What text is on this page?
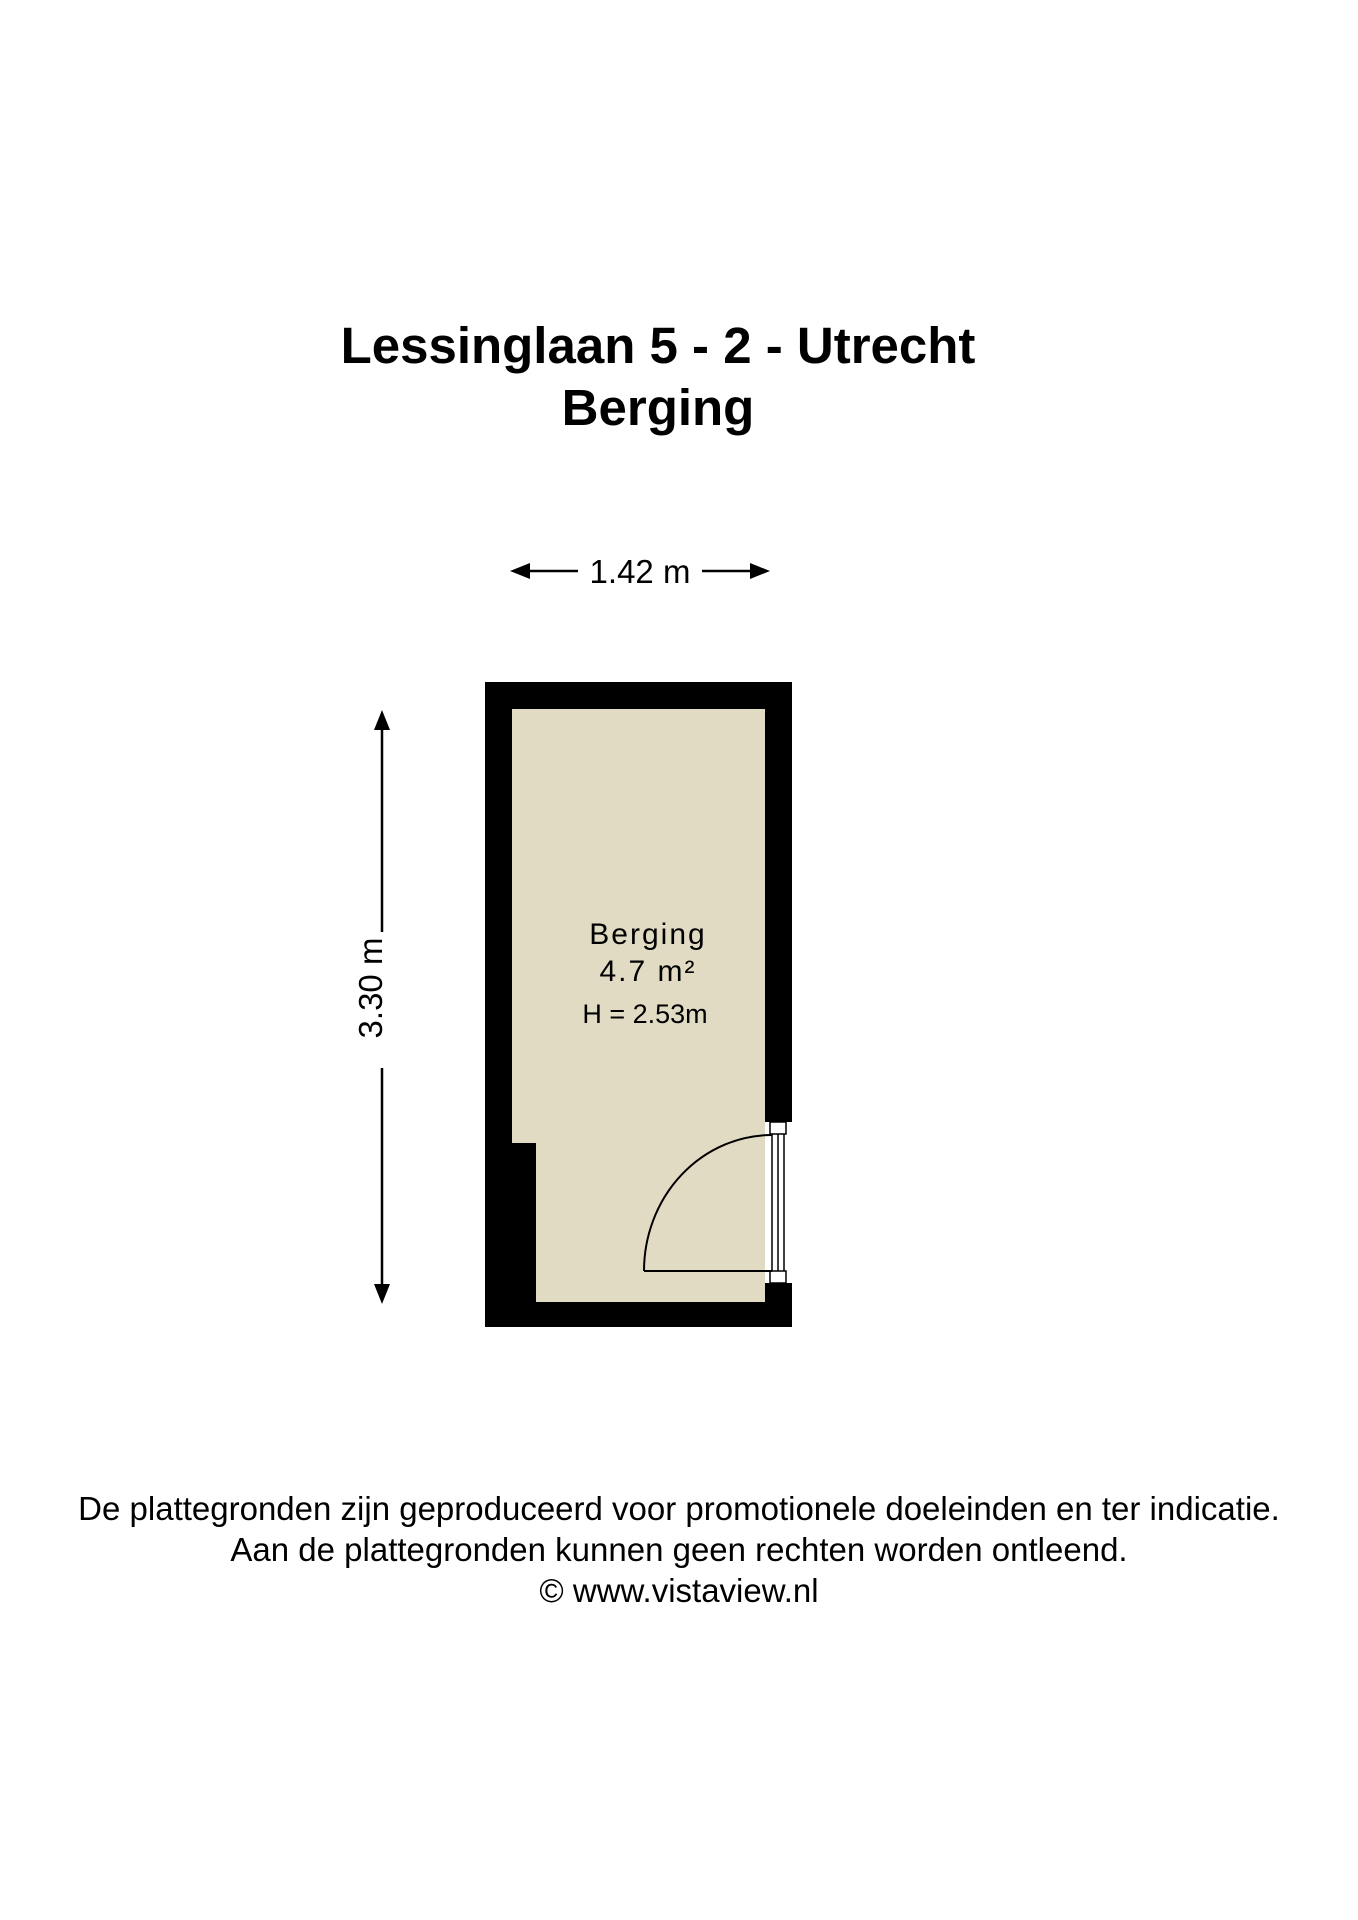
Lessinglaan 5 - 2 - Utrecht
Berging
1.42 m
3.30 m
Berging
4.7 m²
H = 2.53m
De plattegronden zijn geproduceerd voor promotionele doeleinden en ter indicatie.
Aan de plattegronden kunnen geen rechten worden ontleend.
© www.vistaview.nl
